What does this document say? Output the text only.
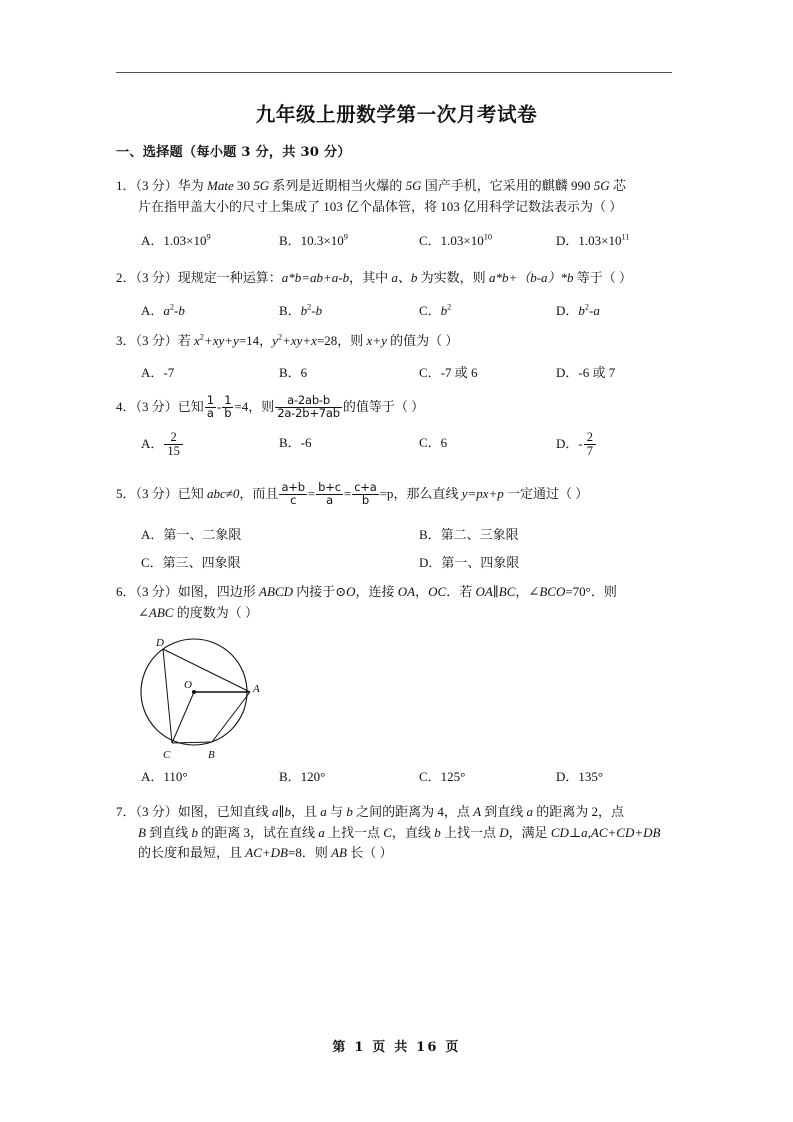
九年级上册数学第一次月考试卷
一、选择题（每小题 3 分，共 30 分）
1．（3 分）华为 Mate 30 5G 系列是近期相当火爆的 5G 国产手机，它采用的麒麟 990 5G 芯
片在指甲盖大小的尺寸上集成了 103 亿个晶体管，将 103 亿用科学记数法表示为（ ）
A．$1.03\times 10^9$	B．$10.3\times 10^9$	C．$1.03\times 10^{10}$	D．$1.03\times 10^{11}$
2．（3 分）现规定一种运算：a*b=ab+a‐b，其中 a、b 为实数，则 a*b+（b‐a）*b 等于（ ）
A．$a^2‐b$	B．$b^2‐b$	C．$b^2$	D．$b^2‐a$
3．（3 分）若 $x^2+xy+y=14$，$y^2+xy+x=28$，则 x+y 的值为（ ）
A．‐7	B．6	C．‐7 或 6	D．‐6 或 7
4．（3 分）已知 $\frac{1}{a}$ ‐ $\frac{1}{b} =4$，则 $\frac{a‐2ab‐b}{2a‐2b+7ab}$ 的值等于（ ）
A． $\frac{2}{15}$	B．‐6	C．6	D．‐ $\frac{2}{7}$
5．（3 分）已知 abc≠0，而且 $\frac{a+b}{c} = \frac{b+c}{a} = \frac{c+a}{b} =p$，那么直线 y=px+p 一定通过（ ）
A．第一、二象限	B．第二、三象限
C．第三、四象限	D．第一、四象限
6．（3 分）如图，四边形 ABCD 内接于⊙O，连接 OA，OC．若 OA∥BC，∠BCO=70°．则
∠ABC 的度数为（ ）
D
A
O
C	B
A．110°	B．120°	C．125°	D．135°
7．（3 分）如图，已知直线 a∥b，且 a 与 b 之间的距离为 4，点 A 到直线 a 的距离为 2，点
B 到直线 b 的距离 3，试在直线 a 上找一点 C，直线 b 上找一点 D，满足 CD⊥a,AC+CD+DB
的长度和最短，且 AC+DB=8．则 AB 长（ ）
第 1 页 共 16 页
